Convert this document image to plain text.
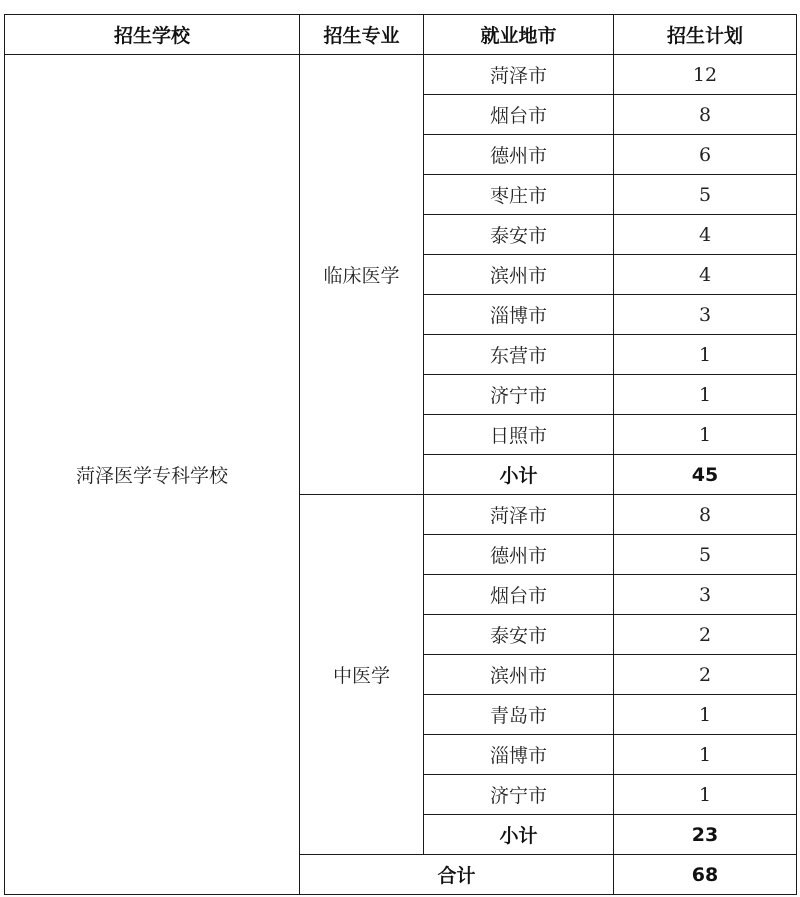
招生学校	招生专业	就业地市	招生计划
菏泽医学专科学校	临床医学	菏泽市	12
		烟台市	8
		德州市	6
		枣庄市	5
		泰安市	4
		滨州市	4
		淄博市	3
		东营市	1
		济宁市	1
		日照市	1
		小计	45
	中医学	菏泽市	8
		德州市	5
		烟台市	3
		泰安市	2
		滨州市	2
		青岛市	1
		淄博市	1
		济宁市	1
		小计	23
	合计		68
